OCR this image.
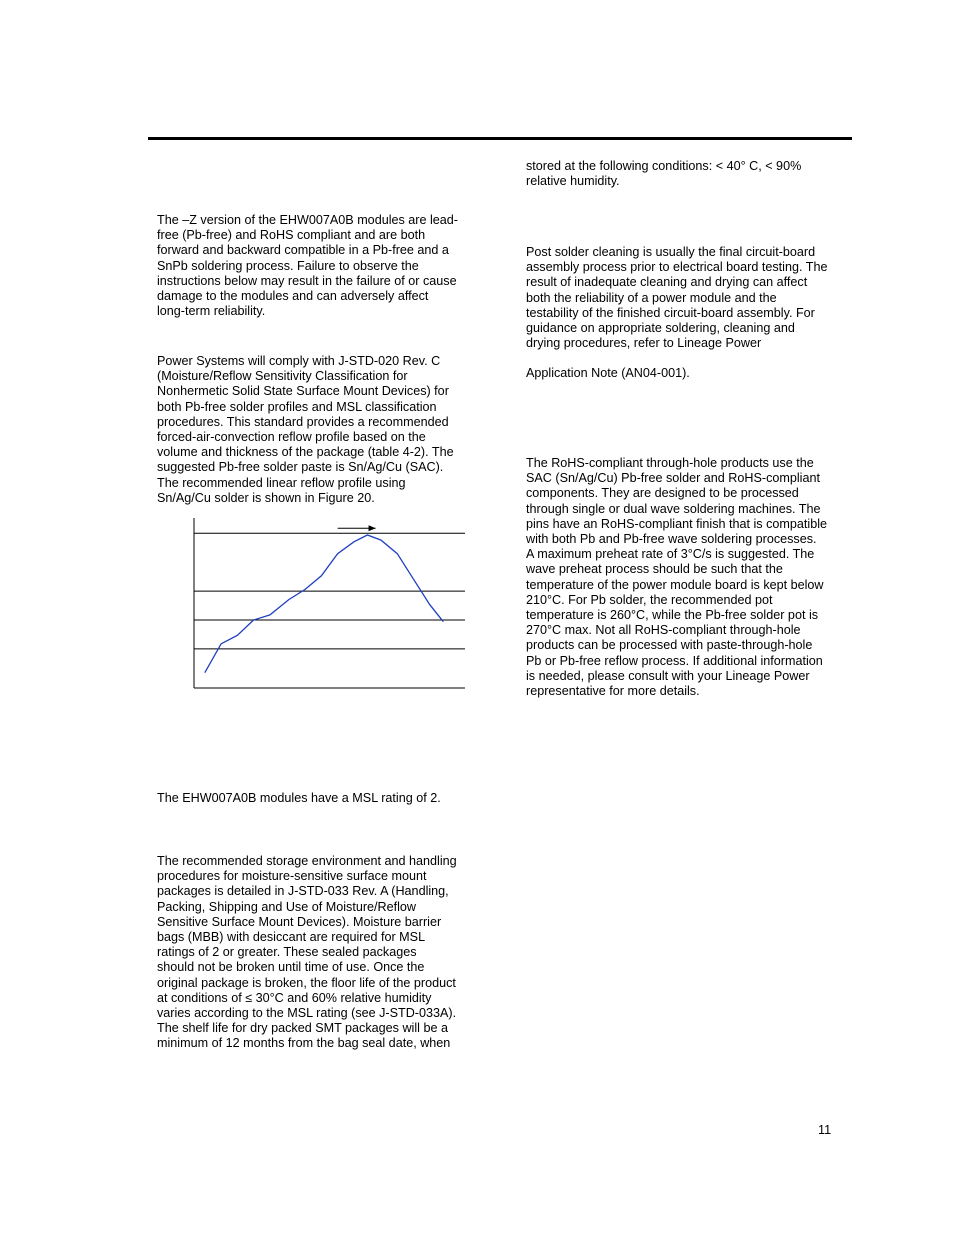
The –Z version of the EHW007A0B modules are lead-
free (Pb-free) and RoHS compliant and are both
forward and backward compatible in a Pb-free and a
SnPb soldering process. Failure to observe the
instructions below may result in the failure of or cause
damage to the modules and can adversely affect
long-term reliability.

Power Systems will comply with J-STD-020 Rev. C
(Moisture/Reflow Sensitivity Classification for
Nonhermetic Solid State Surface Mount Devices) for
both Pb-free solder profiles and MSL classification
procedures. This standard provides a recommended
forced-air-convection reflow profile based on the
volume and thickness of the package (table 4-2). The
suggested Pb-free solder paste is Sn/Ag/Cu (SAC).
The recommended linear reflow profile using
Sn/Ag/Cu solder is shown in Figure 20.

The EHW007A0B modules have a MSL rating of 2.

The recommended storage environment and handling
procedures for moisture-sensitive surface mount
packages is detailed in J-STD-033 Rev. A (Handling,
Packing, Shipping and Use of Moisture/Reflow
Sensitive Surface Mount Devices). Moisture barrier
bags (MBB) with desiccant are required for MSL
ratings of 2 or greater. These sealed packages
should not be broken until time of use. Once the
original package is broken, the floor life of the product
at conditions of ≤ 30°C and 60% relative humidity
varies according to the MSL rating (see J-STD-033A).
The shelf life for dry packed SMT packages will be a
minimum of 12 months from the bag seal date, when

stored at the following conditions: < 40° C, < 90%
relative humidity.

Post solder cleaning is usually the final circuit-board
assembly process prior to electrical board testing. The
result of inadequate cleaning and drying can affect
both the reliability of a power module and the
testability of the finished circuit-board assembly. For
guidance on appropriate soldering, cleaning and
drying procedures, refer to Lineage Power

Application Note (AN04-001).

The RoHS-compliant through-hole products use the
SAC (Sn/Ag/Cu) Pb-free solder and RoHS-compliant
components. They are designed to be processed
through single or dual wave soldering machines. The
pins have an RoHS-compliant finish that is compatible
with both Pb and Pb-free wave soldering processes.
A maximum preheat rate of 3°C/s is suggested. The
wave preheat process should be such that the
temperature of the power module board is kept below
210°C. For Pb solder, the recommended pot
temperature is 260°C, while the Pb-free solder pot is
270°C max. Not all RoHS-compliant through-hole
products can be processed with paste-through-hole
Pb or Pb-free reflow process. If additional information
is needed, please consult with your Lineage Power
representative for more details.

11
